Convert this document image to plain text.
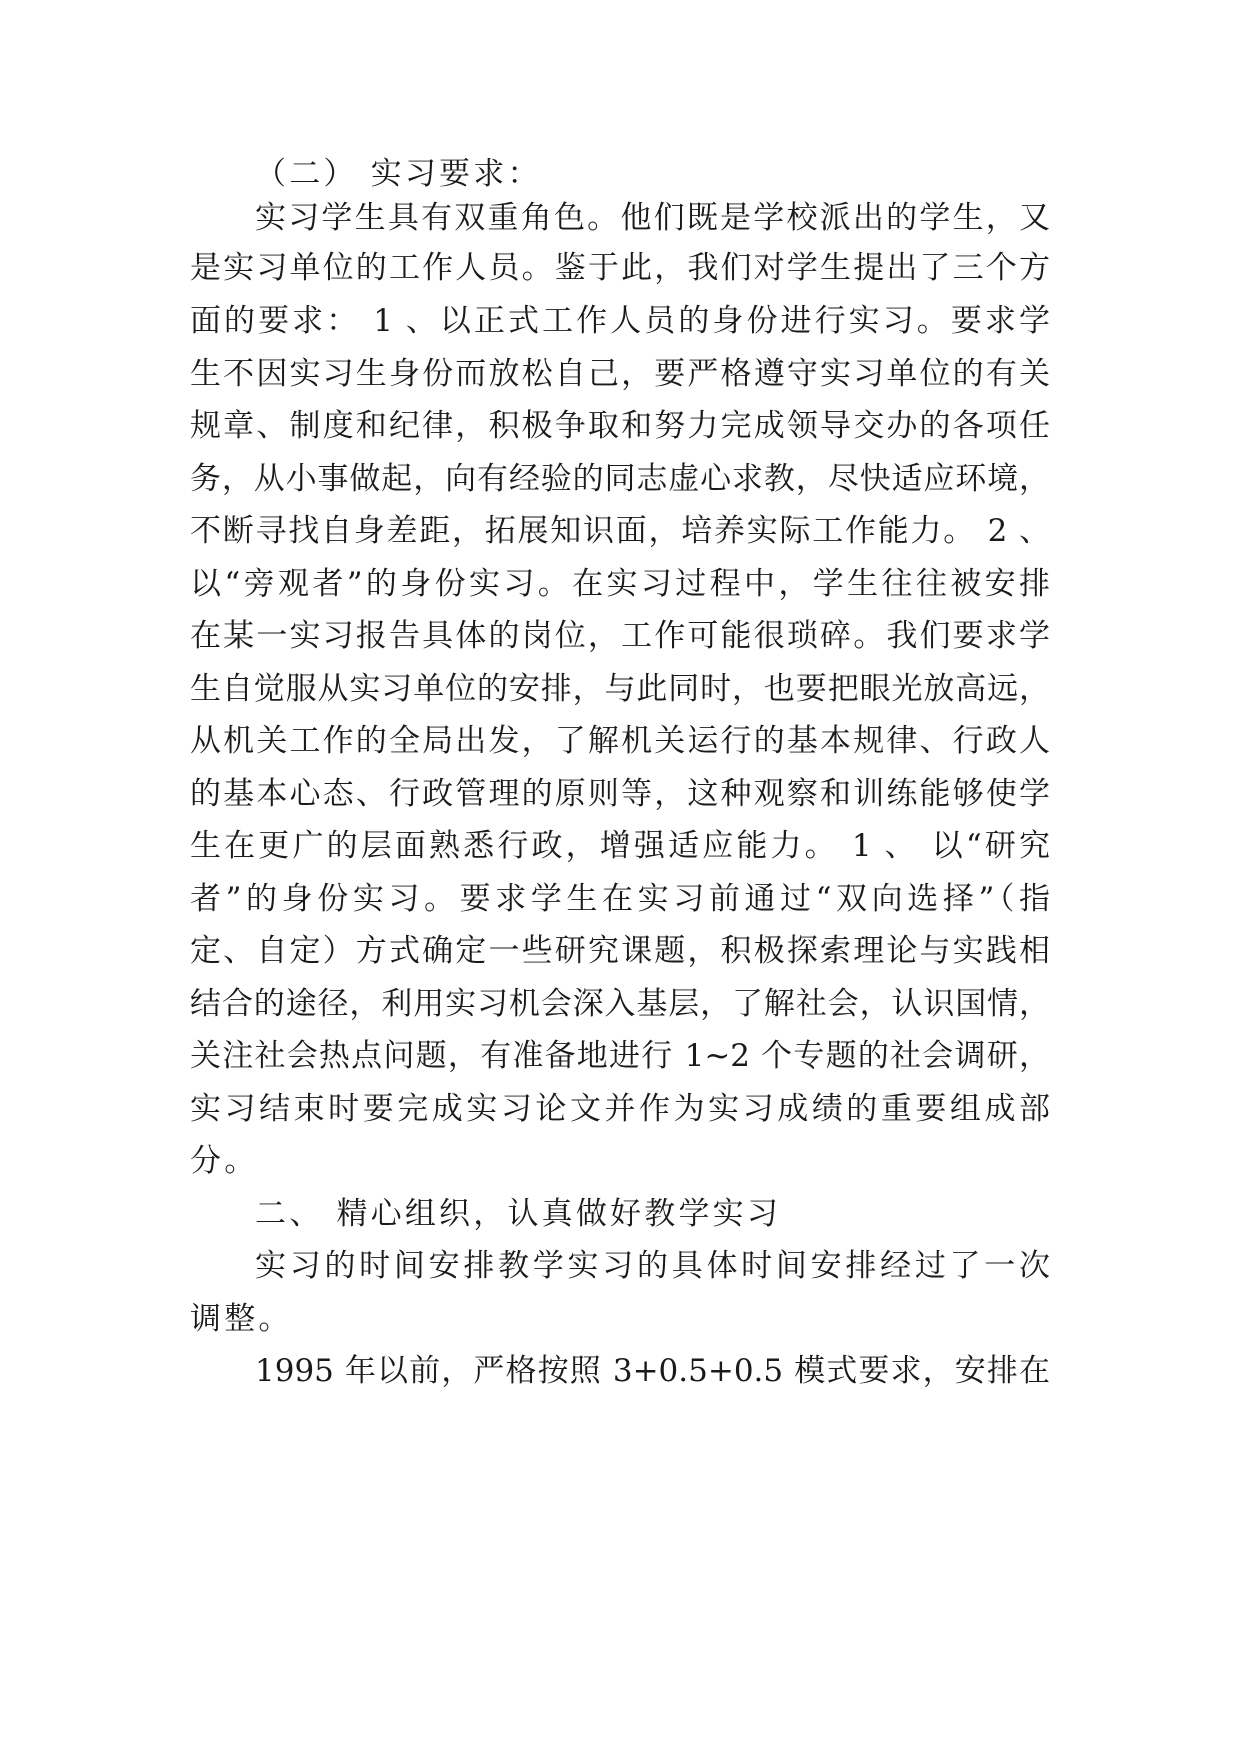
（二） 实习要求：
实习学生具有双重角色。他们既是学校派出的学生，又
是实习单位的工作人员。鉴于此，我们对学生提出了三个方
面的要求： 1 、以正式工作人员的身份进行实习。要求学
生不因实习生身份而放松自己，要严格遵守实习单位的有关
规章、制度和纪律，积极争取和努力完成领导交办的各项任
务，从小事做起，向有经验的同志虚心求教，尽快适应环境，
不断寻找自身差距，拓展知识面，培养实际工作能力。 2 、
以“旁观者”的身份实习。在实习过程中，学生往往被安排
在某一实习报告具体的岗位，工作可能很琐碎。我们要求学
生自觉服从实习单位的安排，与此同时，也要把眼光放高远，
从机关工作的全局出发，了解机关运行的基本规律、行政人
的基本心态、行政管理的原则等，这种观察和训练能够使学
生在更广的层面熟悉行政，增强适应能力。 1 、 以“研究
者”的身份实习。要求学生在实习前通过“双向选择”（指
定、自定）方式确定一些研究课题，积极探索理论与实践相
结合的途径，利用实习机会深入基层，了解社会，认识国情，
关注社会热点问题，有准备地进行 1~2 个专题的社会调研，
实习结束时要完成实习论文并作为实习成绩的重要组成部
分。
二、 精心组织，认真做好教学实习
实习的时间安排教学实习的具体时间安排经过了一次
调整。
1995 年以前，严格按照 3+0.5+0.5 模式要求，安排在
